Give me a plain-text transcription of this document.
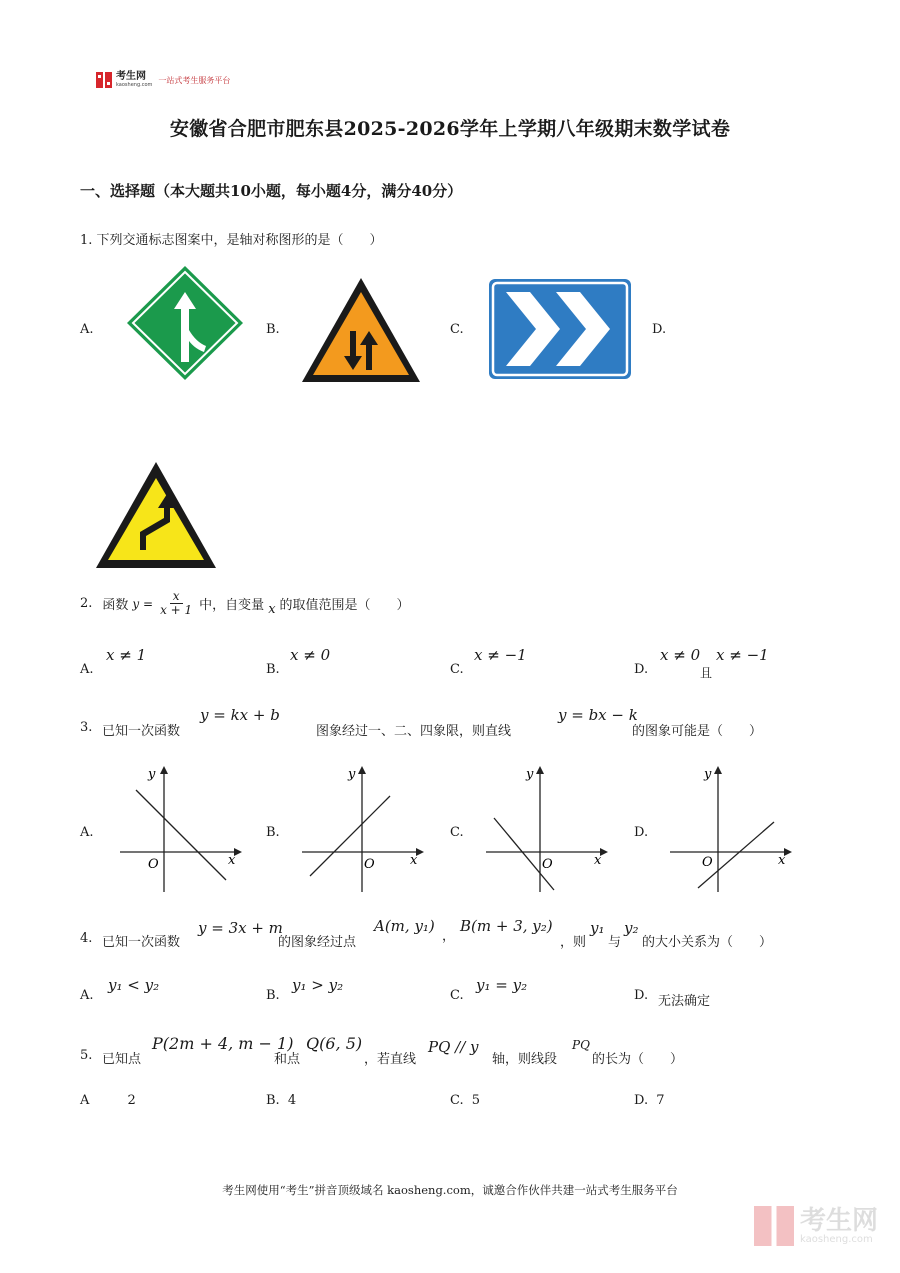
考生网
kaosheng.com
一站式考生服务平台
安徽省合肥市肥东县2025-2026学年上学期八年级期末数学试卷
一、选择题（本大题共10小题，每小题4分，满分40分）
1. 下列交通标志图案中，是轴对称图形的是（　　）
A.	B.	C.	D.
2. 函数 $y = \frac{x}{x + 1}$ 中，自变量 x 的取值范围是（　　）
A.
x ≠ 1
B.
x ≠ 0
C.
x ≠ −1
D.
x ≠ 0
且
x ≠ −1
3. 已知一次函数
y = kx + b
图象经过一、二、四象限，则直线
y = bx − k
的图象可能是（　　）
A.	B.	C.	D.
y
x
O
y
x
O
y
x
O
y
x
O
4. 已知一次函数
y = 3x + m
的图象经过点
A(m, y₁)
，
B(m + 3, y₂)
，则
y₁
与
y₂
的大小关系为（　　）
A.
y₁ < y₂
B.
y₁ > y₂
C.
y₁ = y₂
D. 无法确定
5. 已知点
P(2m + 4, m − 1)
和点
Q(6, 5)
，若直线
PQ // y
轴，则线段
PQ
的长为（　　）
A	2	B. 4	C. 5	D. 7
考生网使用“考生”拼音顶级域名 kaosheng.com，诚邀合作伙伴共建一站式考生服务平台
考生网
kaosheng.com
